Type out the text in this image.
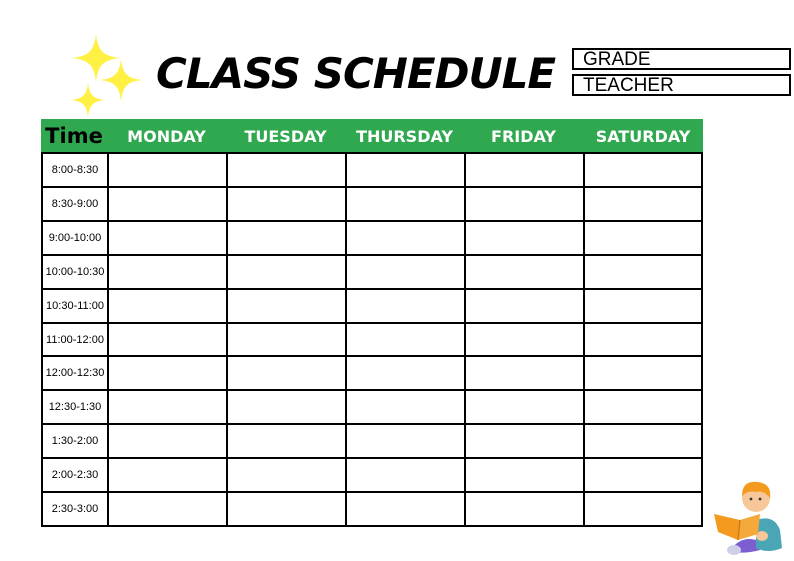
CLASS SCHEDULE	GRADE
TEACHER
Time	MONDAY	TUESDAY	THURSDAY	FRIDAY	SATURDAY
8:00-8:30
8:30-9:00
9:00-10:00
10:00-10:30
10:30-11:00
11:00-12:00
12:00-12:30
12:30-1:30
1:30-2:00
2:00-2:30
2:30-3:00
